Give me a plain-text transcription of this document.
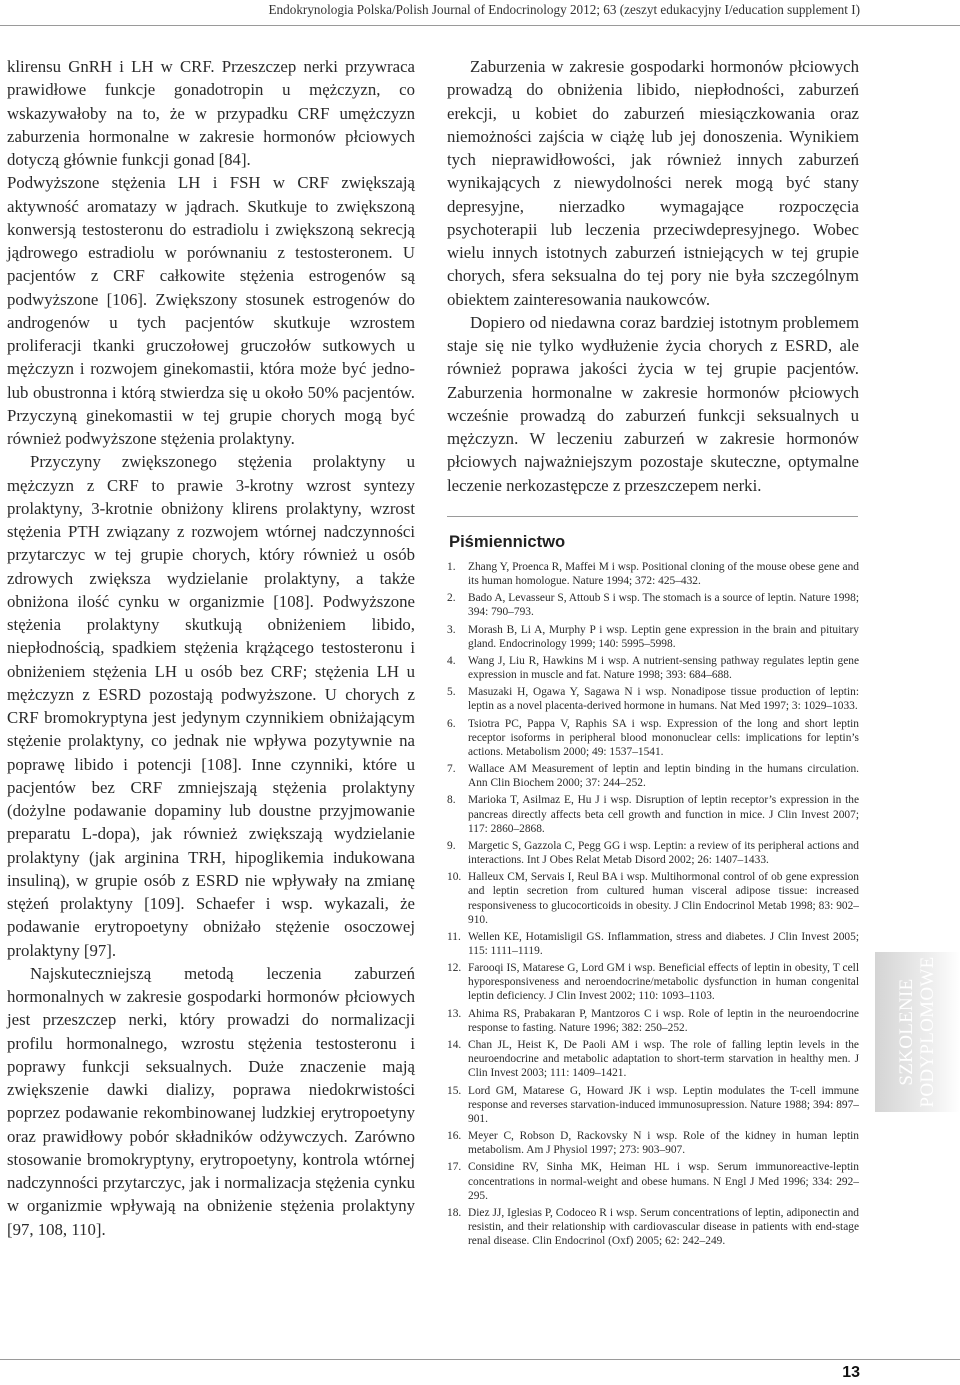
Endokrynologia Polska/Polish Journal of Endocrinology 2012; 63 (zeszyt edukacyjny I/education supplement I)

klirensu GnRH i LH w CRF. Przeszczep nerki przywraca prawidłowe funkcje gonadotropin u mężczyzn, co wskazywałoby na to, że w przypadku CRF umężczyzn zaburzenia hormonalne w zakresie hormonów płciowych dotyczą głównie funkcji gonad [84].

Podwyższone stężenia LH i FSH w CRF zwiększają aktywność aromatazy w jądrach. Skutkuje to zwiększoną konwersją testosteronu do estradiolu i zwiększoną sekrecją jądrowego estradiolu w porównaniu z testosteronem. U pacjentów z CRF całkowite stężenia estrogenów są podwyższone [106]. Zwiększony stosunek estrogenów do androgenów u tych pacjentów skutkuje wzrostem proliferacji tkanki gruczołowej gruczołów sutkowych u mężczyzn i rozwojem ginekomastii, która może być jedno- lub obustronna i którą stwierdza się u około 50% pacjentów. Przyczyną ginekomastii w tej grupie chorych mogą być również podwyższone stężenia prolaktyny.

Przyczyny zwiększonego stężenia prolaktyny u mężczyzn z CRF to prawie 3-krotny wzrost syntezy prolaktyny, 3-krotnie obniżony klirens prolaktyny, wzrost stężenia PTH związany z rozwojem wtórnej nadczynności przytarczyc w tej grupie chorych, który również u osób zdrowych zwiększa wydzielanie prolaktyny, a także obniżona ilość cynku w organizmie [108]. Podwyższone stężenia prolaktyny skutkują obniżeniem libido, niepłodnością, spadkiem stężenia krążącego testosteronu i obniżeniem stężenia LH u osób bez CRF; stężenia LH u mężczyzn z ESRD pozostają podwyższone. U chorych z CRF bromokryptyna jest jedynym czynnikiem obniżającym stężenie prolaktyny, co jednak nie wpływa pozytywnie na poprawę libido i potencji [108]. Inne czynniki, które u pacjentów bez CRF zmniejszają stężenia prolaktyny (dożylne podawanie dopaminy lub doustne przyjmowanie preparatu L-dopa), jak również zwiększają wydzielanie prolaktyny (jak arginina TRH, hipoglikemia indukowana insuliną), w grupie osób z ESRD nie wpływały na zmianę stężeń prolaktyny [109]. Schaefer i wsp. wykazali, że podawanie erytropoetyny obniżało stężenie osoczowej prolaktyny [97].

Najskuteczniejszą metodą leczenia zaburzeń hormonalnych w zakresie gospodarki hormonów płciowych jest przeszczep nerki, który prowadzi do normalizacji profilu hormonalnego, wzrostu stężenia testosteronu i poprawy funkcji seksualnych. Duże znaczenie mają zwiększenie dawki dializy, poprawa niedokrwistości poprzez podawanie rekombinowanej ludzkiej erytropoetyny oraz prawidłowy pobór składników odżywczych. Zarówno stosowanie bromokryptyny, erytropoetyny, kontrola wtórnej nadczynności przytarczyc, jak i normalizacja stężenia cynku w organizmie wpływają na obniżenie stężenia prolaktyny [97, 108, 110].

Zaburzenia w zakresie gospodarki hormonów płciowych prowadzą do obniżenia libido, niepłodności, zaburzeń erekcji, u kobiet do zaburzeń miesiączkowania oraz niemożności zajścia w ciążę lub jej donoszenia. Wynikiem tych nieprawidłowości, jak również innych zaburzeń wynikających z niewydolności nerek mogą być stany depresyjne, nierzadko wymagające rozpoczęcia psychoterapii lub leczenia przeciwdepresyjnego. Wobec wielu innych istotnych zaburzeń istniejących w tej grupie chorych, sfera seksualna do tej pory nie była szczególnym obiektem zainteresowania naukowców.

Dopiero od niedawna coraz bardziej istotnym problemem staje się nie tylko wydłużenie życia chorych z ESRD, ale również poprawa jakości życia w tej grupie pacjentów. Zaburzenia hormonalne w zakresie hormonów płciowych wcześnie prowadzą do zaburzeń funkcji seksualnych u mężczyzn. W leczeniu zaburzeń w zakresie hormonów płciowych najważniejszym pozostaje skuteczne, optymalne leczenie nerkozastępcze z przeszczepem nerki.

Piśmiennictwo
1. Zhang Y, Proenca R, Maffei M i wsp. Positional cloning of the mouse obese gene and its human homologue. Nature 1994; 372: 425–432.
2. Bado A, Levasseur S, Attoub S i wsp. The stomach is a source of leptin. Nature 1998; 394: 790–793.
3. Morash B, Li A, Murphy P i wsp. Leptin gene expression in the brain and pituitary gland. Endocrinology 1999; 140: 5995–5998.
4. Wang J, Liu R, Hawkins M i wsp. A nutrient-sensing pathway regulates leptin gene expression in muscle and fat. Nature 1998; 393: 684–688.
5. Masuzaki H, Ogawa Y, Sagawa N i wsp. Nonadipose tissue production of leptin: leptin as a novel placenta-derived hormone in humans. Nat Med 1997; 3: 1029–1033.
6. Tsiotra PC, Pappa V, Raphis SA i wsp. Expression of the long and short leptin receptor isoforms in peripheral blood mononuclear cells: implications for leptin’s actions. Metabolism 2000; 49: 1537–1541.
7. Wallace AM Measurement of leptin and leptin binding in the humans circulation. Ann Clin Biochem 2000; 37: 244–252.
8. Marioka T, Asilmaz E, Hu J i wsp. Disruption of leptin receptor’s expression in the pancreas directly affects beta cell growth and function in mice. J Clin Invest 2007; 117: 2860–2868.
9. Margetic S, Gazzola C, Pegg GG i wsp. Leptin: a review of its peripheral actions and interactions. Int J Obes Relat Metab Disord 2002; 26: 1407–1433.
10. Halleux CM, Servais I, Reul BA i wsp. Multihormonal control of ob gene expression and leptin secretion from cultured human visceral adipose tissue: increased responsiveness to glucocorticoids in obesity. J Clin Endocrinol Metab 1998; 83: 902–910.
11. Wellen KE, Hotamisligil GS. Inflammation, stress and diabetes. J Clin Invest 2005; 115: 1111–1119.
12. Farooqi IS, Matarese G, Lord GM i wsp. Beneficial effects of leptin in obesity, T cell hyporesponsiveness and neroendocrine/metabolic dysfunction in human congenital leptin deficiency. J Clin Invest 2002; 110: 1093–1103.
13. Ahima RS, Prabakaran P, Mantzoros C i wsp. Role of leptin in the neuroendocrine response to fasting. Nature 1996; 382: 250–252.
14. Chan JL, Heist K, De Paoli AM i wsp. The role of falling leptin levels in the neuroendocrine and metabolic adaptation to short-term starvation in healthy men. J Clin Invest 2003; 111: 1409–1421.
15. Lord GM, Matarese G, Howard JK i wsp. Leptin modulates the T-cell immune response and reverses starvation-induced immunosupression. Nature 1988; 394: 897–901.
16. Meyer C, Robson D, Rackovsky N i wsp. Role of the kidney in human leptin metabolism. Am J Physiol 1997; 273: 903–907.
17. Considine RV, Sinha MK, Heiman HL i wsp. Serum immunoreactive-leptin concentrations in normal-weight and obese humans. N Engl J Med 1996; 334: 292–295.
18. Diez JJ, Iglesias P, Codoceo R i wsp. Serum concentrations of leptin, adiponectin and resistin, and their relationship with cardiovascular disease in patients with end-stage renal disease. Clin Endocrinol (Oxf) 2005; 62: 242–249.
SZKOLENIE PODYPLOMOWE
13
